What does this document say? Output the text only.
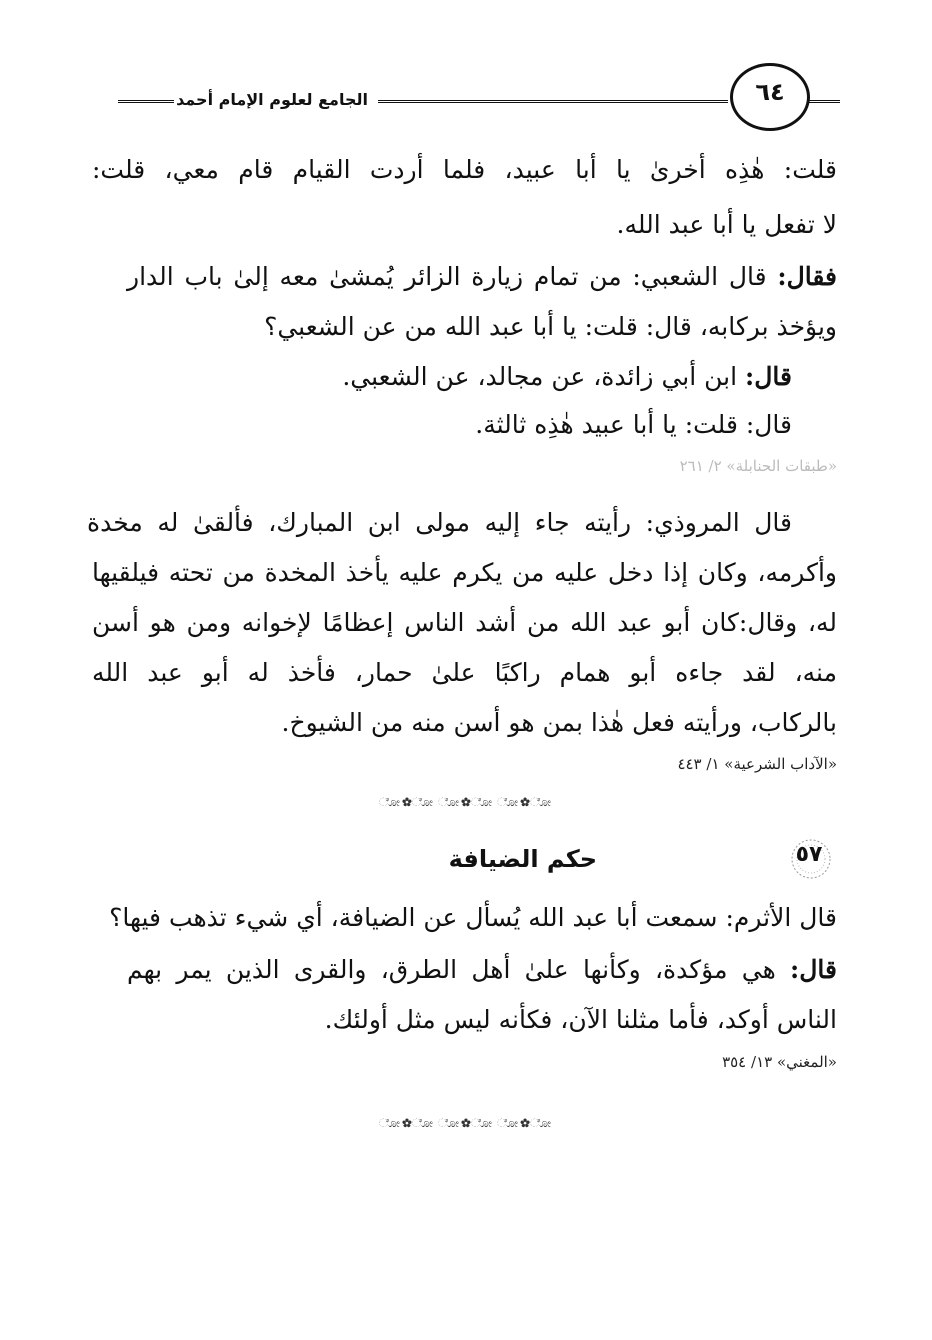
الجامع لعلوم الإمام أحمد	٦٤
قلت: هٰذِه أخرىٰ يا أبا عبيد، فلما أردت القيام قام معي، قلت:
لا تفعل يا أبا عبد الله.
فقال: قال الشعبي: من تمام زيارة الزائر يُمشىٰ معه إلىٰ باب الدار
ويؤخذ بركابه، قال: قلت: يا أبا عبد الله من عن الشعبي؟
قال: ابن أبي زائدة، عن مجالد، عن الشعبي.
قال: قلت: يا أبا عبيد هٰذِه ثالثة.
«طبقات الحنابلة» ٢/ ٢٦١
قال المروذي: رأيته جاء إليه مولى ابن المبارك، فألقىٰ له مخدة
وأكرمه، وكان إذا دخل عليه من يكرم عليه يأخذ المخدة من تحته فيلقيها
له، وقال:كان أبو عبد الله من أشد الناس إعظامًا لإخوانه ومن هو أسن
منه، لقد جاءه أبو همام راكبًا علىٰ حمار، فأخذ له أبو عبد الله
بالركاب، ورأيته فعل هٰذا بمن هو أسن منه من الشيوخ.
«الآداب الشرعية» ١/ ٤٤٣
ೋ✿ೋ ೋ✿ೋ ೋ✿ೋ
٥٧
حكم الضيافة
قال الأثرم: سمعت أبا عبد الله يُسأل عن الضيافة، أي شيء تذهب فيها؟
قال: هي مؤكدة، وكأنها علىٰ أهل الطرق، والقرى الذين يمر بهم
الناس أوكد، فأما مثلنا الآن، فكأنه ليس مثل أولئك.
«المغني» ١٣/ ٣٥٤
ೋ✿ೋ ೋ✿ೋ ೋ✿ೋ
